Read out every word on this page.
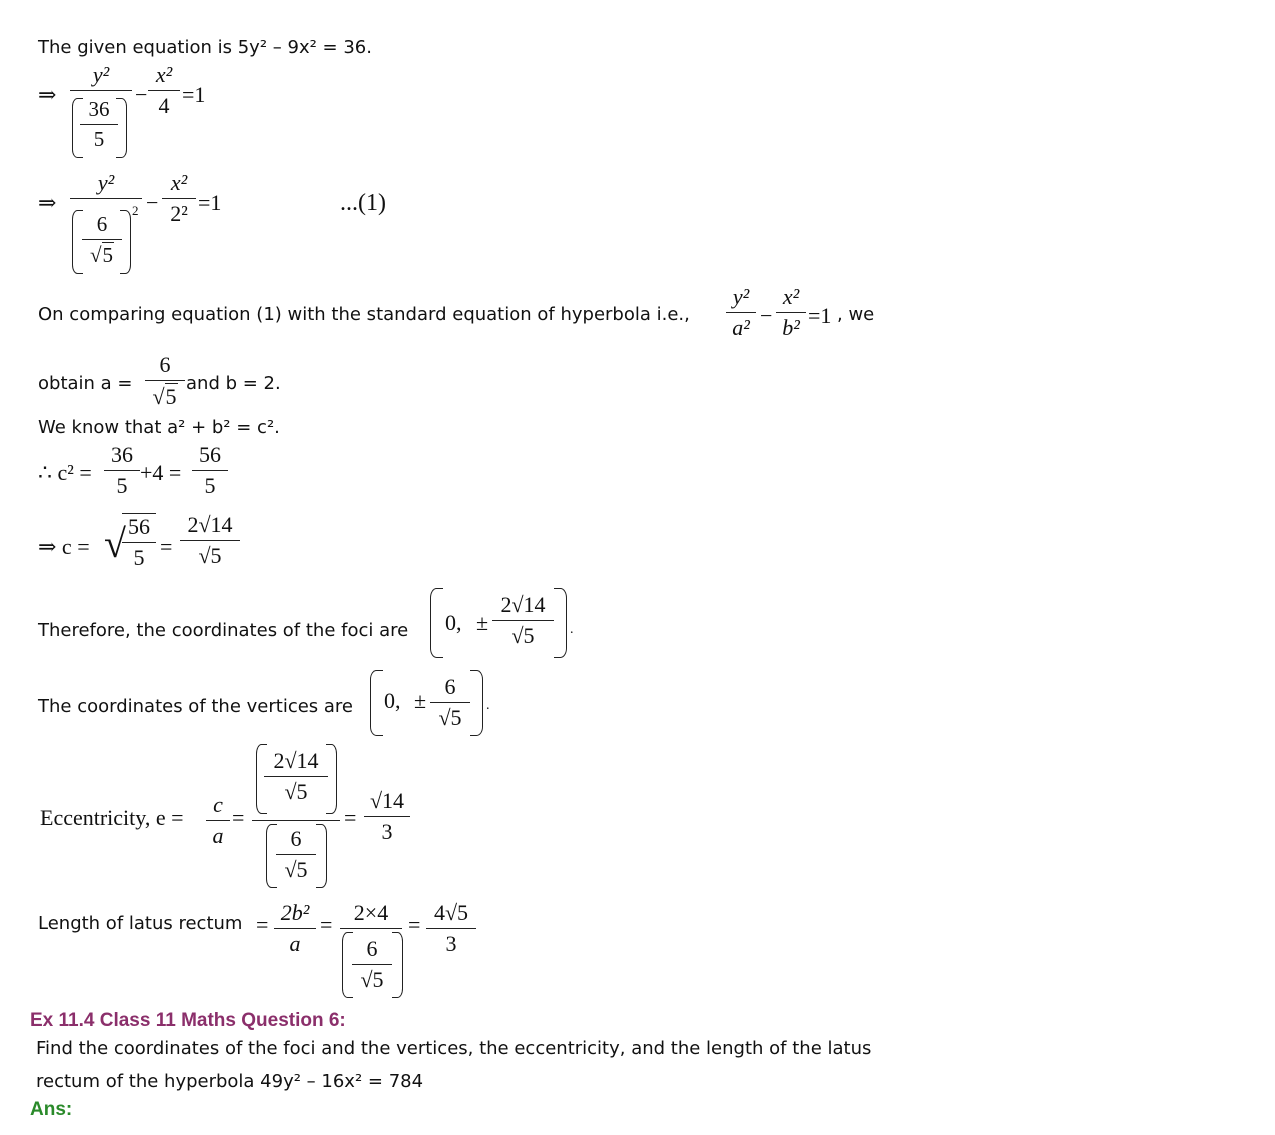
The given equation is 5y² – 9x² = 36.
⇒
y²
36
5
−
x²
4 =1
⇒
y²
6
√5
2 −
x²
2² =1	...(1)
On comparing equation (1) with the standard equation of hyperbola i.e.,
y²
a² −
x²
b² =1 , we
obtain a =
6
√5
and b = 2.
We know that a² + b² = c².
∴ c² =
36
5
+4 =
56
5
⇒ c = √ 56
5 =
2√14
√5
Therefore, the coordinates of the foci are 0, ±
2√14
√5	.
The coordinates of the vertices are 0, ±
6
√5	.
Eccentricity, e =
c
a
=
2√14
√5
6
√5
=
√14
3
Length of latus rectum = 2b²
a
= 2×4
6
√5
= 4√5
3
Ex 11.4 Class 11 Maths Question 6:
Find the coordinates of the foci and the vertices, the eccentricity, and the length of the latus
rectum of the hyperbola 49y² – 16x² = 784
Ans:
